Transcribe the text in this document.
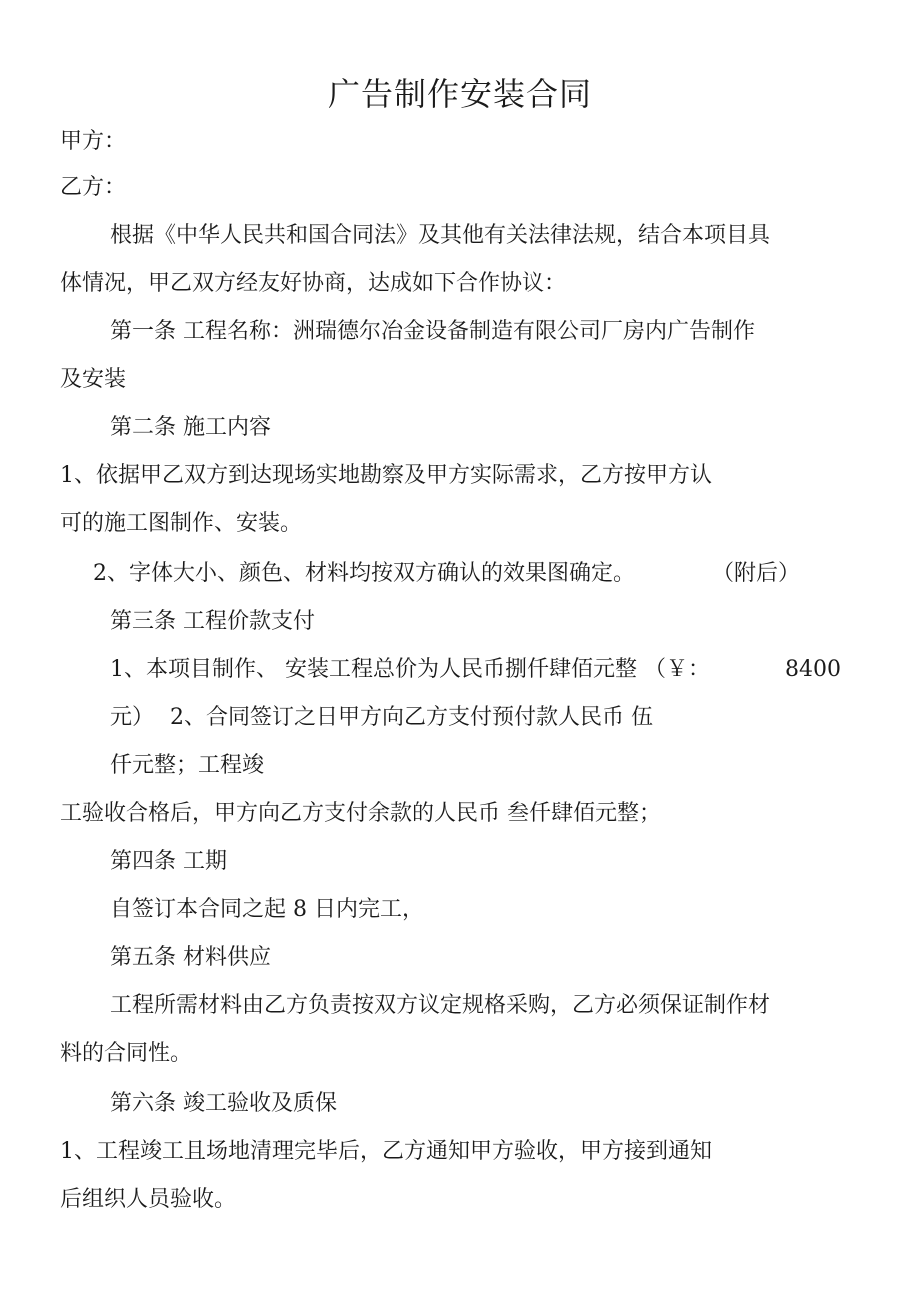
广告制作安装合同
甲方：
乙方：
根据《中华人民共和国合同法》及其他有关法律法规，结合本项目具
体情况，甲乙双方经友好协商，达成如下合作协议：
第一条 工程名称：洲瑞德尔冶金设备制造有限公司厂房内广告制作
及安装
第二条 施工内容
1、依据甲乙双方到达现场实地勘察及甲方实际需求，乙方按甲方认
可的施工图制作、安装。
2、字体大小、颜色、材料均按双方确认的效果图确定。	（附后）
第三条 工程价款支付
1、本项目制作、 安装工程总价为人民币捌仟肆佰元整 （￥：	8400
元） 2、合同签订之日甲方向乙方支付预付款人民币 伍
仟元整；工程竣
工验收合格后，甲方向乙方支付余款的人民币 叁仟肆佰元整；
第四条 工期
自签订本合同之起 8 日内完工，
第五条 材料供应
工程所需材料由乙方负责按双方议定规格采购，乙方必须保证制作材
料的合同性。
第六条 竣工验收及质保
1、工程竣工且场地清理完毕后，乙方通知甲方验收，甲方接到通知
后组织人员验收。
